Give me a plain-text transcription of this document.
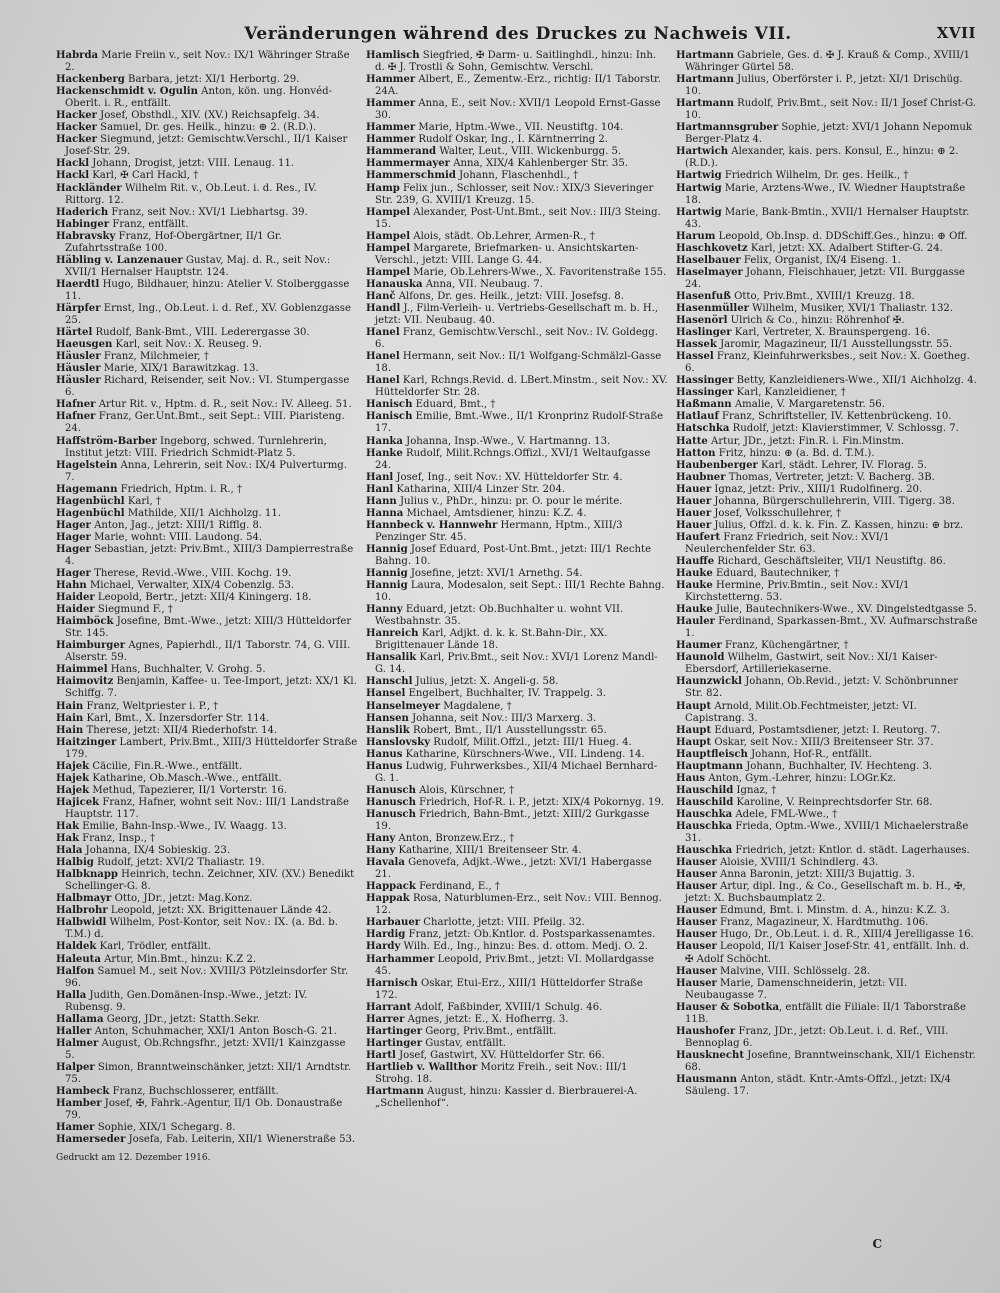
Veränderungen während des Druckes zu Nachweis VII.	XVII

Habrda Marie Freiin v., seit Nov.: IX/1 Währinger Straße 2.

Hackenberg Barbara, jetzt: XI/1 Herbortg. 29.

Hackenschmidt v. Ogulin Anton, kön. ung. Honvéd-Oberlt. i. R., entfällt.

Hacker Josef, Obsthdl., XIV. (XV.) Reichsapfelg. 34.

Hacker Samuel, Dr. ges. Heilk., hinzu: ⊕ 2. (R.D.).

Hacker Siegmund, jetzt: Gemischtw.Verschl., II/1 Kaiser Josef-Str. 29.

Hackl Johann, Drogist, jetzt: VIII. Lenaug. 11.

Hackl Karl, ✠ Carl Hackl, †

Hackländer Wilhelm Rit. v., Ob.Leut. i. d. Res., IV. Rittorg. 12.

Haderich Franz, seit Nov.: XVI/1 Liebhartsg. 39.

Habinger Franz, entfällt.

Habravsky Franz, Hof-Obergärtner, II/1 Gr. Zufahrtsstraße 100.

Häbling v. Lanzenauer Gustav, Maj. d. R., seit Nov.: XVII/1 Hernalser Hauptstr. 124.

Haerdtl Hugo, Bildhauer, hinzu: Atelier V. Stolberggasse 11.

Härpfer Ernst, Ing., Ob.Leut. i. d. Ref., XV. Goblenzgasse 25.

Härtel Rudolf, Bank-Bmt., VIII. Lederergasse 30.

Haeusgen Karl, seit Nov.: X. Reuseg. 9.

Häusler Franz, Milchmeier, †

Häusler Marie, XIX/1 Barawitzkag. 13.

Häusler Richard, Reisender, seit Nov.: VI. Stumpergasse 6.

Hafner Artur Rit. v., Hptm. d. R., seit Nov.: IV. Alleeg. 51.

Hafner Franz, Ger.Unt.Bmt., seit Sept.: VIII. Piaristeng. 24.

Haffström-Barber Ingeborg, schwed. Turnlehrerin, Institut jetzt: VIII. Friedrich Schmidt-Platz 5.

Hagelstein Anna, Lehrerin, seit Nov.: IX/4 Pulverturmg. 7.

Hagemann Friedrich, Hptm. i. R., †

Hagenbüchl Karl, †

Hagenbüchl Mathilde, XII/1 Aichholzg. 11.

Hager Anton, Jag., jetzt: XIII/1 Rifflg. 8.

Hager Marie, wohnt: VIII. Laudong. 54.

Hager Sebastian, jetzt: Priv.Bmt., XIII/3 Dampierrestraße 4.

Hager Therese, Revid.-Wwe., VIII. Kochg. 19.

Hahn Michael, Verwalter, XIX/4 Cobenzlg. 53.

Haider Leopold, Bertr., jetzt: XII/4 Kiningerg. 18.

Haider Siegmund F., †

Haimböck Josefine, Bmt.-Wwe., jetzt: XIII/3 Hütteldorfer Str. 145.

Haimburger Agnes, Papierhdl., II/1 Taborstr. 74, G. VIII. Alserstr. 59.

Haimmel Hans, Buchhalter, V. Grohg. 5.

Haimovitz Benjamin, Kaffee- u. Tee-Import, jetzt: XX/1 Kl. Schiffg. 7.

Hain Franz, Weltpriester i. P., †

Hain Karl, Bmt., X. Inzersdorfer Str. 114.

Hain Therese, jetzt: XII/4 Riederhofstr. 14.

Haitzinger Lambert, Priv.Bmt., XIII/3 Hütteldorfer Straße 179.

Hajek Cäcilie, Fin.R.-Wwe., entfällt.

Hajek Katharine, Ob.Masch.-Wwe., entfällt.

Hajek Methud, Tapezierer, II/1 Vorterstr. 16.

Hajicek Franz, Hafner, wohnt seit Nov.: III/1 Landstraße Hauptstr. 117.

Hak Emilie, Bahn-Insp.-Wwe., IV. Waagg. 13.

Hak Franz, Insp., †

Hala Johanna, IX/4 Sobieskig. 23.

Halbig Rudolf, jetzt: XVI/2 Thaliastr. 19.

Halbknapp Heinrich, techn. Zeichner, XIV. (XV.) Benedikt Schellinger-G. 8.

Halbmayr Otto, JDr., jetzt: Mag.Konz.

Halbrohr Leopold, jetzt: XX. Brigittenauer Lände 42.

Halbwidl Wilhelm, Post-Kontor, seit Nov.: IX. (a. Bd. b. T.M.) d.

Haldek Karl, Trödler, entfällt.

Haleuta Artur, Min.Bmt., hinzu: K.Z 2.

Halfon Samuel M., seit Nov.: XVIII/3 Pötzleinsdorfer Str. 96.

Halla Judith, Gen.Domänen-Insp.-Wwe., jetzt: IV. Rubensg. 9.

Hallama Georg, JDr., jetzt: Statth.Sekr.

Haller Anton, Schuhmacher, XXI/1 Anton Bosch-G. 21.

Halmer August, Ob.Rchngsfhr., jetzt: XVII/1 Kainzgasse 5.

Halper Simon, Branntweinschänker, jetzt: XII/1 Arndtstr. 75.

Hambeck Franz, Buchschlosserer, entfällt.

Hamber Josef, ✠, Fahrk.-Agentur, II/1 Ob. Donaustraße 79.

Hamer Sophie, XIX/1 Schegarg. 8.

Hamerseder Josefa, Fab. Leiterin, XII/1 Wienerstraße 53.

Gedruckt am 12. Dezember 1916.

Hamlisch Siegfried, ✠ Darm- u. Saitlinghdl., hinzu: Inh. d. ✠ J. Trostli & Sohn, Gemischtw. Verschl.

Hammer Albert, E., Zementw.-Erz., richtig: II/1 Taborstr. 24A.

Hammer Anna, E., seit Nov.: XVII/1 Leopold Ernst-Gasse 30.

Hammer Marie, Hptm.-Wwe., VII. Neustiftg. 104.

Hammer Rudolf Oskar, Ing., I. Kärntnerring 2.

Hammerand Walter, Leut., VIII. Wickenburgg. 5.

Hammermayer Anna, XIX/4 Kahlenberger Str. 35.

Hammerschmid Johann, Flaschenhdl., †

Hamp Felix jun., Schlosser, seit Nov.: XIX/3 Sieveringer Str. 239, G. XVIII/1 Kreuzg. 15.

Hampel Alexander, Post-Unt.Bmt., seit Nov.: III/3 Steing. 15.

Hampel Alois, städt. Ob.Lehrer, Armen-R., †

Hampel Margarete, Briefmarken- u. Ansichtskarten-Verschl., jetzt: VIII. Lange G. 44.

Hampel Marie, Ob.Lehrers-Wwe., X. Favoritenstraße 155.

Hanauska Anna, VII. Neubaug. 7.

Hanč Alfons, Dr. ges. Heilk., jetzt: VIII. Josefsg. 8.

Handl J., Film-Verleih- u. Vertriebs-Gesellschaft m. b. H., jetzt: VII. Neubaug. 40.

Hanel Franz, Gemischtw.Verschl., seit Nov.: IV. Goldegg. 6.

Hanel Hermann, seit Nov.: II/1 Wolfgang-Schmälzl-Gasse 18.

Hanel Karl, Rchngs.Revid. d. LBert.Minstm., seit Nov.: XV. Hütteldorfer Str. 28.

Hanisch Eduard, Bmt., †

Hanisch Emilie, Bmt.-Wwe., II/1 Kronprinz Rudolf-Straße 17.

Hanka Johanna, Insp.-Wwe., V. Hartmanng. 13.

Hanke Rudolf, Milit.Rchngs.Offizl., XVI/1 Weltaufgasse 24.

Hanl Josef, Ing., seit Nov.: XV. Hütteldorfer Str. 4.

Hanl Katharina, XIII/4 Linzer Str. 204.

Hann Julius v., PhDr., hinzu: pr. O. pour le mérite.

Hanna Michael, Amtsdiener, hinzu: K.Z. 4.

Hannbeck v. Hannwehr Hermann, Hptm., XIII/3 Penzinger Str. 45.

Hannig Josef Eduard, Post-Unt.Bmt., jetzt: III/1 Rechte Bahng. 10.

Hannig Josefine, jetzt: XVI/1 Arnethg. 54.

Hannig Laura, Modesalon, seit Sept.: III/1 Rechte Bahng. 10.

Hanny Eduard, jetzt: Ob.Buchhalter u. wohnt VII. Westbahnstr. 35.

Hanreich Karl, Adjkt. d. k. k. St.Bahn-Dir., XX. Brigittenauer Lände 18.

Hansalik Karl, Priv.Bmt., seit Nov.: XVI/1 Lorenz Mandl-G. 14.

Hanschl Julius, jetzt: X. Angeli-g. 58.

Hansel Engelbert, Buchhalter, IV. Trappelg. 3.

Hanselmeyer Magdalene, †

Hansen Johanna, seit Nov.: III/3 Marxerg. 3.

Hanslik Robert, Bmt., II/1 Ausstellungsstr. 65.

Hanslovsky Rudolf, Milit.Offzl., jetzt: III/1 Hueg. 4.

Hanus Katharine, Kürschners-Wwe., VII. Lindeng. 14.

Hanus Ludwig, Fuhrwerksbes., XII/4 Michael Bernhard-G. 1.

Hanusch Alois, Kürschner, †

Hanusch Friedrich, Hof-R. i. P., jetzt: XIX/4 Pokornyg. 19.

Hanusch Friedrich, Bahn-Bmt., jetzt: XIII/2 Gurkgasse 19.

Hany Anton, Bronzew.Erz., †

Hany Katharine, XIII/1 Breitenseer Str. 4.

Havala Genovefa, Adjkt.-Wwe., jetzt: XVI/1 Habergasse 21.

Happack Ferdinand, E., †

Happak Rosa, Naturblumen-Erz., seit Nov.: VIII. Bennog. 12.

Harbauer Charlotte, jetzt: VIII. Pfeilg. 32.

Hardig Franz, jetzt: Ob.Kntlor. d. Postsparkassenamtes.

Hardy Wilh. Ed., Ing., hinzu: Bes. d. ottom. Medj. O. 2.

Harhammer Leopold, Priv.Bmt., jetzt: VI. Mollardgasse 45.

Harnisch Oskar, Etui-Erz., XIII/1 Hütteldorfer Straße 172.

Harrant Adolf, Faßbinder, XVIII/1 Schulg. 46.

Harrer Agnes, jetzt: E., X. Hofherrg. 3.

Hartinger Georg, Priv.Bmt., entfällt.

Hartinger Gustav, entfällt.

Hartl Josef, Gastwirt, XV. Hütteldorfer Str. 66.

Hartlieb v. Wallthor Moritz Freih., seit Nov.: III/1 Strohg. 18.

Hartmann August, hinzu: Kassier d. Bierbrauerei-A. „Schellenhof“.

Hartmann Gabriele, Ges. d. ✠ J. Krauß & Comp., XVIII/1 Währinger Gürtel 58.

Hartmann Julius, Oberförster i. P., jetzt: XI/1 Drischüg. 10.

Hartmann Rudolf, Priv.Bmt., seit Nov.: II/1 Josef Christ-G. 10.

Hartmannsgruber Sophie, jetzt: XVI/1 Johann Nepomuk Berger-Platz 4.

Hartwich Alexander, kais. pers. Konsul, E., hinzu: ⊕ 2. (R.D.).

Hartwig Friedrich Wilhelm, Dr. ges. Heilk., †

Hartwig Marie, Arztens-Wwe., IV. Wiedner Hauptstraße 18.

Hartwig Marie, Bank-Bmtin., XVII/1 Hernalser Hauptstr. 43.

Harum Leopold, Ob.Insp. d. DDSchiff.Ges., hinzu: ⊕ Off.

Haschkovetz Karl, jetzt: XX. Adalbert Stifter-G. 24.

Haselbauer Felix, Organist, IX/4 Eiseng. 1.

Haselmayer Johann, Fleischhauer, jetzt: VII. Burggasse 24.

Hasenfuß Otto, Priv.Bmt., XVIII/1 Kreuzg. 18.

Hasenmüller Wilhelm, Musiker, XVI/1 Thaliastr. 132.

Hasenörl Ulrich & Co., hinzu: Röhrenhof ✠.

Haslinger Karl, Vertreter, X. Braunspergeng. 16.

Hassek Jaromir, Magazineur, II/1 Ausstellungsstr. 55.

Hassel Franz, Kleinfuhrwerksbes., seit Nov.: X. Goetheg. 6.

Hassinger Betty, Kanzleidieners-Wwe., XII/1 Aichholzg. 4.

Hassinger Karl, Kanzleidiener, †

Haßmann Amalie, V. Margaretenstr. 56.

Hatlauf Franz, Schriftsteller, IV. Kettenbrückeng. 10.

Hatschka Rudolf, jetzt: Klavierstimmer, V. Schlossg. 7.

Hatte Artur, JDr., jetzt: Fin.R. i. Fin.Minstm.

Hatton Fritz, hinzu: ⊕ (a. Bd. d. T.M.).

Haubenberger Karl, städt. Lehrer, IV. Florag. 5.

Haubner Thomas, Vertreter, jetzt: V. Bacherg. 3B.

Hauer Ignaz, jetzt: Priv., XIII/1 Rudolfinerg. 20.

Hauer Johanna, Bürgerschullehrerin, VIII. Tigerg. 38.

Hauer Josef, Volksschullehrer, †

Hauer Julius, Offzl. d. k. k. Fin. Z. Kassen, hinzu: ⊕ brz.

Haufert Franz Friedrich, seit Nov.: XVI/1 Neulerchenfelder Str. 63.

Hauffe Richard, Geschäftsleiter, VII/1 Neustiftg. 86.

Hauke Eduard, Bautechniker, †

Hauke Hermine, Priv.Bmtin., seit Nov.: XVI/1 Kirchstetterng. 53.

Hauke Julie, Bautechnikers-Wwe., XV. Dingelstedtgasse 5.

Hauler Ferdinand, Sparkassen-Bmt., XV. Aufmarschstraße 1.

Haumer Franz, Küchengärtner, †

Haunold Wilhelm, Gastwirt, seit Nov.: XI/1 Kaiser-Ebersdorf, Artilleriekaserne.

Haunzwickl Johann, Ob.Revid., jetzt: V. Schönbrunner Str. 82.

Haupt Arnold, Milit.Ob.Fechtmeister, jetzt: VI. Capistrang. 3.

Haupt Eduard, Postamtsdiener, jetzt: I. Reutorg. 7.

Haupt Oskar, seit Nov.: XIII/3 Breitenseer Str. 37.

Hauptfleisch Johann, Hof-R., entfällt.

Hauptmann Johann, Buchhalter, IV. Hechteng. 3.

Haus Anton, Gym.-Lehrer, hinzu: LOGr.Kz.

Hauschild Ignaz, †

Hauschild Karoline, V. Reinprechtsdorfer Str. 68.

Hauschka Adele, FML-Wwe., †

Hauschka Frieda, Optm.-Wwe., XVIII/1 Michaelerstraße 31.

Hauschka Friedrich, jetzt: Kntlor. d. städt. Lagerhauses.

Hauser Aloisie, XVIII/1 Schindlerg. 43.

Hauser Anna Baronin, jetzt: XIII/3 Bujattig. 3.

Hauser Artur, dipl. Ing., & Co., Gesellschaft m. b. H., ✠, jetzt: X. Buchsbaumplatz 2.

Hauser Edmund, Bmt. i. Minstm. d. A., hinzu: K.Z. 3.

Hauser Franz, Magazineur, X. Hardtmuthg. 106.

Hauser Hugo, Dr., Ob.Leut. i. d. R., XIII/4 Jerelligasse 16.

Hauser Leopold, II/1 Kaiser Josef-Str. 41, entfällt. Inh. d. ✠ Adolf Schöcht.

Hauser Malvine, VIII. Schlösselg. 28.

Hauser Marie, Damenschneiderin, jetzt: VII. Neubaugasse 7.

Hauser & Sobotka, entfällt die Filiale: II/1 Taborstraße 11B.

Haushofer Franz, JDr., jetzt: Ob.Leut. i. d. Ref., VIII. Bennoplag 6.

Hausknecht Josefine, Branntweinschank, XII/1 Eichenstr. 68.

Hausmann Anton, städt. Kntr.-Amts-Offzl., jetzt: IX/4 Säuleng. 17.

C
